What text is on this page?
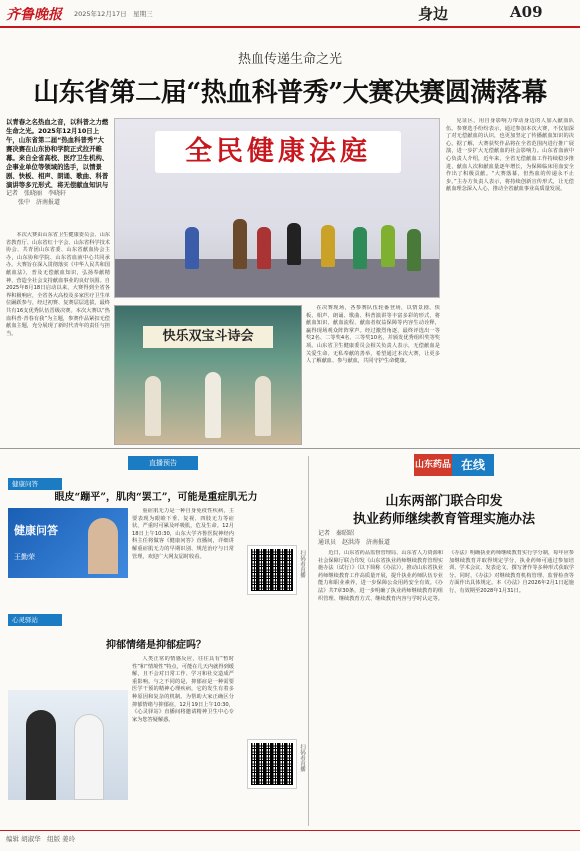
齐鲁晚报 2025年12月17日　星期三	身边	A09
热血传递生命之光
山东省第二届“热血科普秀”大赛决赛圆满落幕
以青春之名热血之音，以科普之力燃生命之光。2025年12月10日上午，山东省第二届“热血科普秀”大赛决赛在山东协和学院正式拉开帷幕。来自全省高校、医疗卫生机构、企事业单位等领域的选手，以情景剧、快板、相声、朗诵、歌曲、科普演讲等多元形式，将无偿献血知识与
记者　张晓丽　李晓轩
　　张中　济南报道
全民健康法庭

本次大赛由山东省卫生健康委员会、山东省教育厅、山东省红十字会、山东省科学技术协会、共青团山东省委、山东省献血协会主办，山东协和学院、山东省血液中心共同承办。大赛旨在深入贯彻落实《中华人民共和国献血法》，普及无偿献血知识，弘扬奉献精神，营造全社会支持献血事业的良好氛围。自2025年8月18日启动以来，大赛得到全省各界积极响应，全省各大高校及多家医疗卫生单位踊跃参与，经过初赛、复赛层层选拔，最终共有16支优秀队伍晋级决赛。本次大赛以“热血科普·青春有我”为主题，参赛作品紧扣无偿献血主题，充分展现了新时代青年的责任与担当。

在决赛现场，各参赛队伍轮番登场，以情景剧、快板、相声、朗诵、歌曲、科普演讲等丰富多彩的形式，将献血知识、献血流程、献血者权益保障等内容生动诠释，赢得现场观众阵阵掌声。经过激烈角逐，最终评选出一等奖2名、二等奖4名、三等奖10名，并颁发优秀组织奖等奖项。山东省卫生健康委员会相关负责人表示，无偿献血是关爱生命、无私奉献的善举，希望通过本次大赛，让更多人了解献血、参与献血，共同守护生命健康。

见证区，用自身影响力带动身边的人加入献血队伍。参赛选手纷纷表示，通过参加本次大赛，不仅加深了对无偿献血的认识，也更加坚定了传播献血知识的决心。据了解，大赛获奖作品将在全省范围内进行推广展演，进一步扩大无偿献血的社会影响力。山东省血液中心负责人介绍，近年来，全省无偿献血工作持续稳步推进，献血人次和献血量逐年增长，为保障临床用血安全作出了积极贡献。“大赛落幕，但热血的传递永不止步。”主办方负责人表示，将持续创新宣传形式，让无偿献血理念深入人心，推动全省献血事业高质量发展。

快乐双宝斗诗会
直播预告
健康问答
眼皮“蹦平”，肌肉“罢工”，可能是重症肌无力
健康问答
王勤荣

重症肌无力是一种自身免疫性疾病，主要表现为眼睑下垂、复视、四肢无力等症状，严重时可累及呼吸肌，危及生命。12月18日上午10:30，山东大学齐鲁医院神经内科主任将做客《健康问答》直播间，详细讲解重症肌无力的早期识别、规范治疗与日常管理，欢迎广大网友届时收看。	扫码看直播
心灵驿站
抑郁情绪是抑郁症吗？

人类正常的情感反应，往往具有“暂时性”和“情境性”特点，可能在几天内就得到缓解，且不会对日常工作、学习和社交造成严重影响。与之不同的是，抑郁症是一种需要医学干预的精神心理疾病，它的发生有着多种原因和复杂的机制。为帮助大家正确区分抑郁情绪与抑郁症，12月19日上午10:30，《心灵驿站》直播间将邀请精神卫生中心专家为您答疑解惑。

扫码看直播
山东药品 在线
山东两部门联合印发
执业药师继续教育管理实施办法
记者　秦昭昭
通讯员　赵洪涛　济南报道

近日，山东省药品监督管理局、山东省人力资源和社会保障厅联合印发《山东省执业药师继续教育管理实施办法（试行）》（以下简称《办法》），推动山东省执业药师继续教育工作高质量开展，提升执业药师队伍专业能力和职业素养，进一步保障公众用药安全有效。《办法》共7章30条，进一步明确了执业药师继续教育的组织管理、继续教育方式、继续教育内容与学时认定等。《办法》明确执业药师继续教育实行学分制，每年应参加继续教育并取得规定学分，执业药师可通过参加培训、学术会议、发表论文、撰写著作等多种形式获取学分。同时，《办法》对继续教育机构管理、监督检查等方面作出具体规定。本《办法》自2026年2月1日起施行，有效期至2028年1月31日。

编辑 胡淑华　组版 姜玲
